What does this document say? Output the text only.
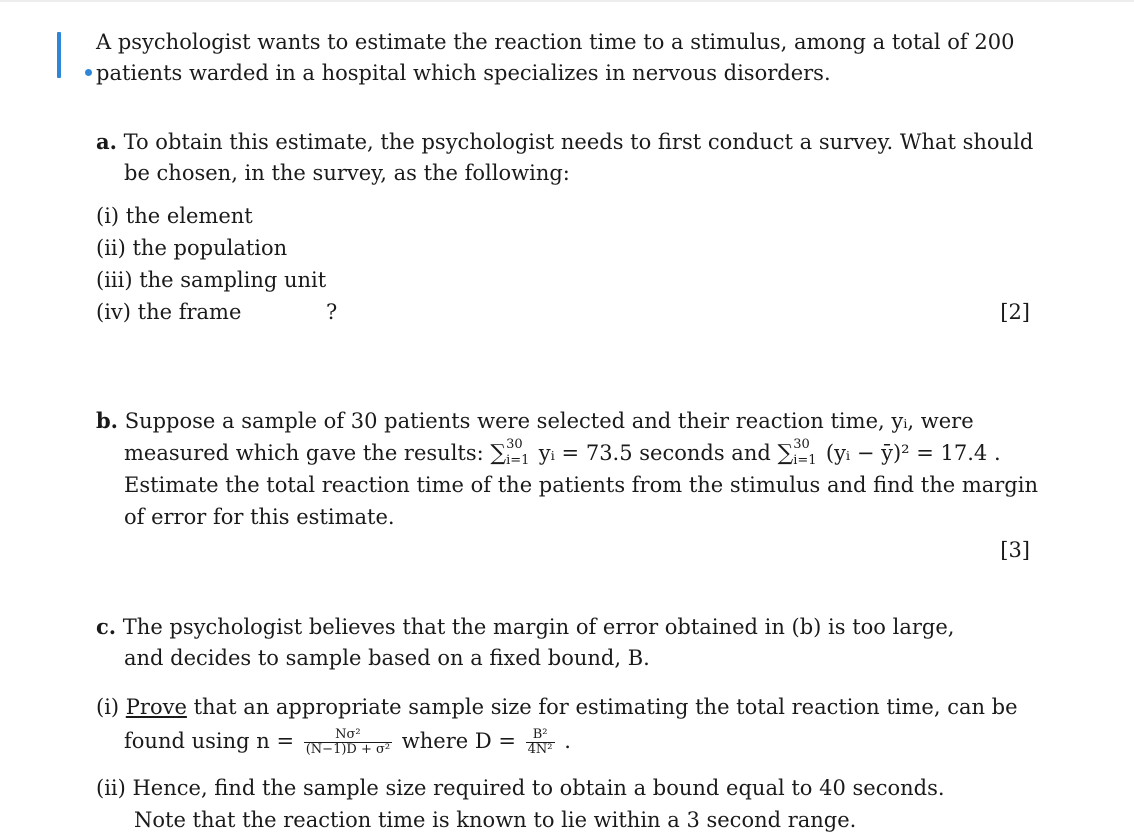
A psychologist wants to estimate the reaction time to a stimulus, among a total of 200
patients warded in a hospital which specializes in nervous disorders.
a. To obtain this estimate, the psychologist needs to first conduct a survey. What should
be chosen, in the survey, as the following:
(i) the element
(ii) the population
(iii) the sampling unit
(iv) the frame	?	[2]
b. Suppose a sample of 30 patients were selected and their reaction time, yᵢ, were
measured which gave the results: ∑ 30
i=1 yᵢ = 73.5 seconds and ∑ 30
i=1 (yᵢ − ȳ)² = 17.4 .
Estimate the total reaction time of the patients from the stimulus and find the margin
of error for this estimate.
[3]
c. The psychologist believes that the margin of error obtained in (b) is too large,
and decides to sample based on a fixed bound, B.
(i) Prove that an appropriate sample size for estimating the total reaction time, can be
found using $n = \frac{\text{Nσ²}}{\text{(N−1)D + σ²}}$ where $D = \frac{\text{B²}}{\text{4N²}}$ .
(ii) Hence, find the sample size required to obtain a bound equal to 40 seconds.
Note that the reaction time is known to lie within a 3 second range.
